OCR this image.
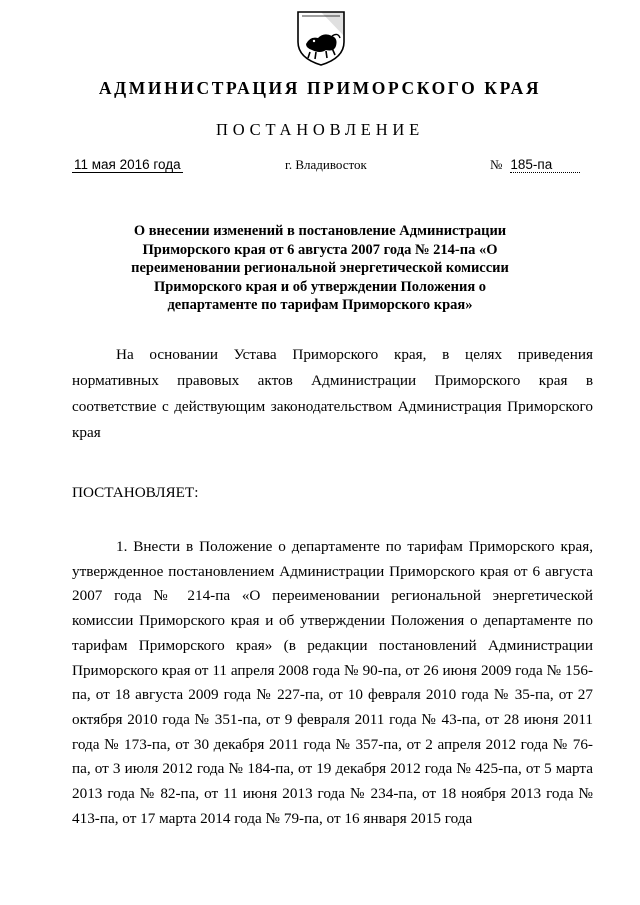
АДМИНИСТРАЦИЯ ПРИМОРСКОГО КРАЯ
ПОСТАНОВЛЕНИЕ
11 мая 2016 года	г. Владивосток	№ 185-па
О внесении изменений в постановление Администрации Приморского края от 6 августа 2007 года № 214-па «О переименовании региональной энергетической комиссии Приморского края и об утверждении Положения о департаменте по тарифам Приморского края»
На основании Устава Приморского края, в целях приведения нормативных правовых актов Администрации Приморского края в соответствие с действующим законодательством Администрация Приморского края
ПОСТАНОВЛЯЕТ:
1. Внести в Положение о департаменте по тарифам Приморского края, утвержденное постановлением Администрации Приморского края от 6 августа 2007 года № 214-па «О переименовании региональной энергетической комиссии Приморского края и об утверждении Положения о департаменте по тарифам Приморского края» (в редакции постановлений Администрации Приморского края от 11 апреля 2008 года № 90-па, от 26 июня 2009 года № 156-па, от 18 августа 2009 года № 227-па, от 10 февраля 2010 года № 35-па, от 27 октября 2010 года № 351-па, от 9 февраля 2011 года № 43-па, от 28 июня 2011 года № 173-па, от 30 декабря 2011 года № 357-па, от 2 апреля 2012 года № 76-па, от 3 июля 2012 года № 184-па, от 19 декабря 2012 года № 425-па, от 5 марта 2013 года № 82-па, от 11 июня 2013 года № 234-па, от 18 ноября 2013 года № 413-па, от 17 марта 2014 года № 79-па, от 16 января 2015 года
